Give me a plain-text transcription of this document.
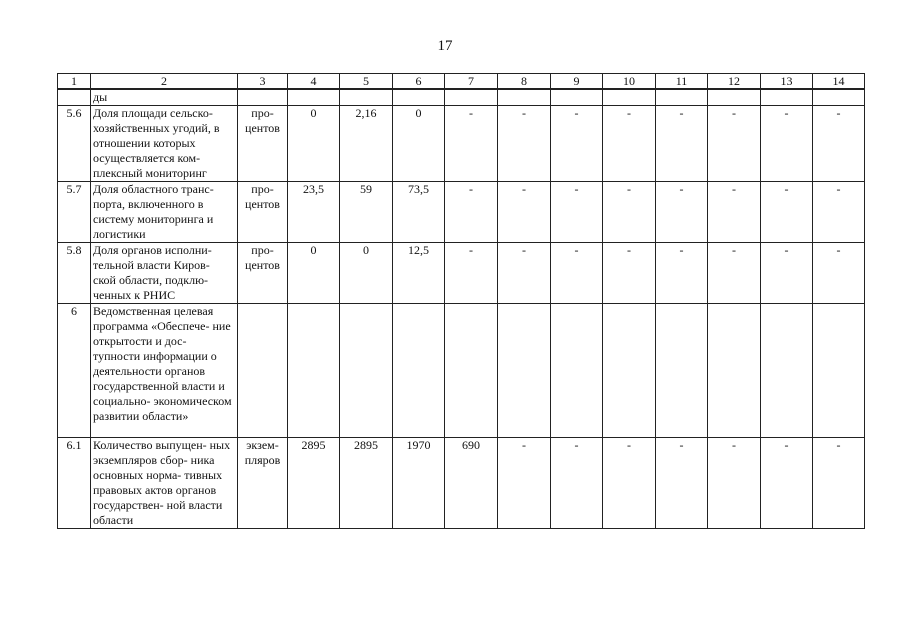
17
1	2	3	4	5	6	7	8	9	10	11	12	13	14
	ды												
5.6	Доля площади сельско- хозяйственных угодий, в отношении которых осуществляется ком- плексный мониторинг	про- центов	0	2,16	0	-	-	-	-	-	-	-	-
5.7	Доля областного транс- порта, включенного в систему мониторинга и логистики	про- центов	23,5	59	73,5	-	-	-	-	-	-	-	-
5.8	Доля органов исполни- тельной власти Киров- ской области, подклю- ченных к РНИС	про- центов	0	0	12,5	-	-	-	-	-	-	-	-
6	Ведомственная целевая программа «Обеспече- ние открытости и дос- тупности информации о деятельности органов государственной власти и социально- экономическом развитии области»												
6.1	Количество выпущен- ных экземпляров сбор- ника основных норма- тивных правовых актов органов государствен- ной власти области	экзем- пляров	2895	2895	1970	690	-	-	-	-	-	-	-
